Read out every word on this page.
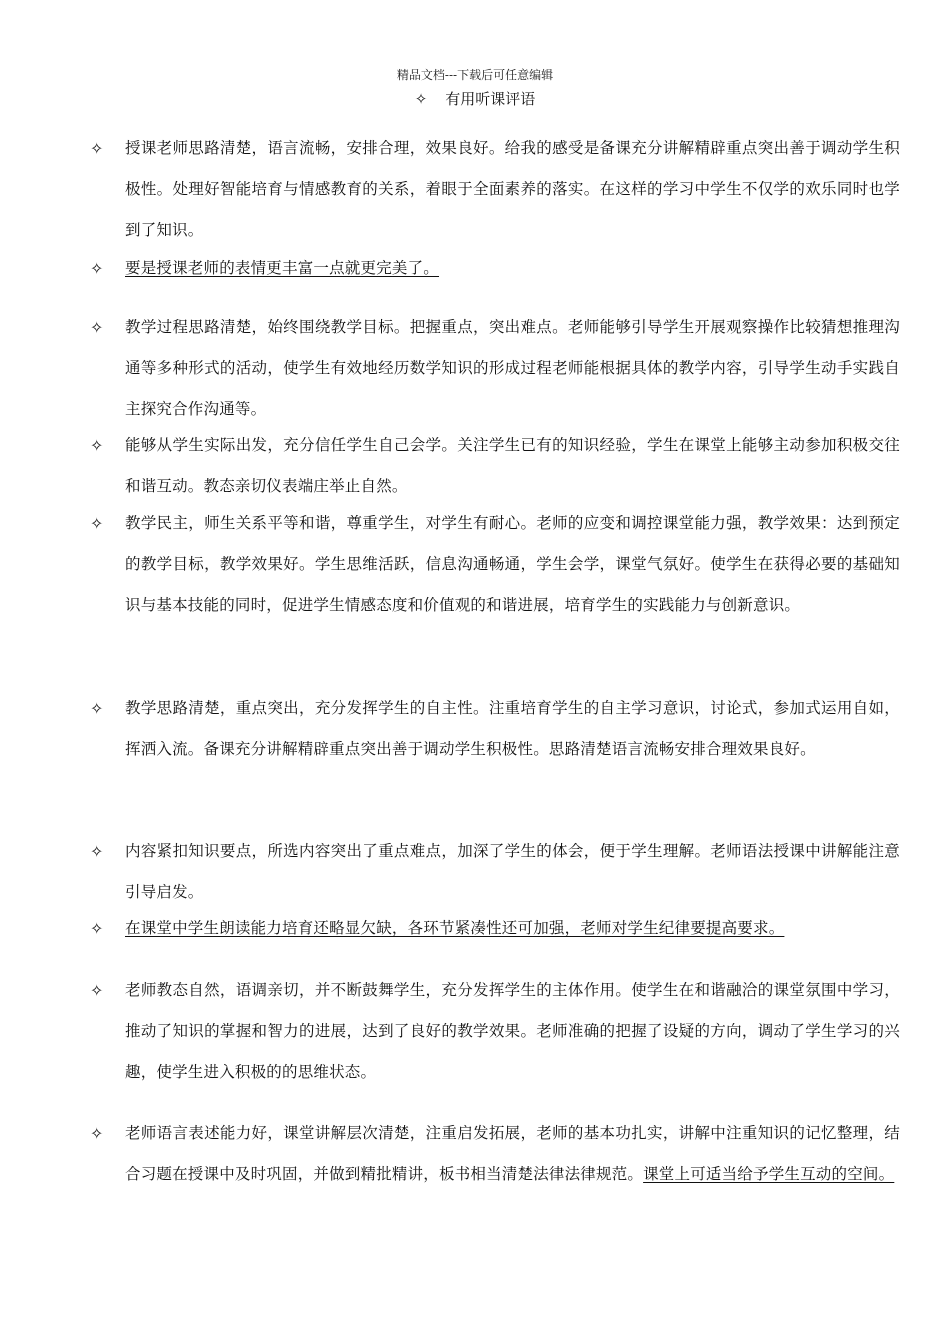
精品文档---下载后可任意编辑
✧ 有用听课评语
✧	授课老师思路清楚，语言流畅，安排合理，效果良好。给我的感受是备课充分讲解精辟重点突出善于调动学生积极性。处理好智能培育与情感教育的关系，着眼于全面素养的落实。在这样的学习中学生不仅学的欢乐同时也学到了知识。
✧	要是授课老师的表情更丰富一点就更完美了。
✧	教学过程思路清楚，始终围绕教学目标。把握重点，突出难点。老师能够引导学生开展观察操作比较猜想推理沟通等多种形式的活动，使学生有效地经历数学知识的形成过程老师能根据具体的教学内容，引导学生动手实践自主探究合作沟通等。
✧	能够从学生实际出发，充分信任学生自己会学。关注学生已有的知识经验，学生在课堂上能够主动参加积极交往和谐互动。教态亲切仪表端庄举止自然。
✧	教学民主，师生关系平等和谐，尊重学生，对学生有耐心。老师的应变和调控课堂能力强，教学效果：达到预定的教学目标，教学效果好。学生思维活跃，信息沟通畅通，学生会学，课堂气氛好。使学生在获得必要的基础知识与基本技能的同时，促进学生情感态度和价值观的和谐进展，培育学生的实践能力与创新意识。
✧	教学思路清楚，重点突出，充分发挥学生的自主性。注重培育学生的自主学习意识，讨论式，参加式运用自如，挥洒入流。备课充分讲解精辟重点突出善于调动学生积极性。思路清楚语言流畅安排合理效果良好。
✧	内容紧扣知识要点，所选内容突出了重点难点，加深了学生的体会，便于学生理解。老师语法授课中讲解能注意引导启发。
✧	在课堂中学生朗读能力培育还略显欠缺，各环节紧凑性还可加强，老师对学生纪律要提高要求。
✧	老师教态自然，语调亲切，并不断鼓舞学生，充分发挥学生的主体作用。使学生在和谐融洽的课堂氛围中学习，推动了知识的掌握和智力的进展，达到了良好的教学效果。老师准确的把握了设疑的方向，调动了学生学习的兴趣，使学生进入积极的的思维状态。
✧	老师语言表述能力好，课堂讲解层次清楚，注重启发拓展，老师的基本功扎实，讲解中注重知识的记忆整理，结合习题在授课中及时巩固，并做到精批精讲，板书相当清楚法律法律规范。课堂上可适当给予学生互动的空间。
